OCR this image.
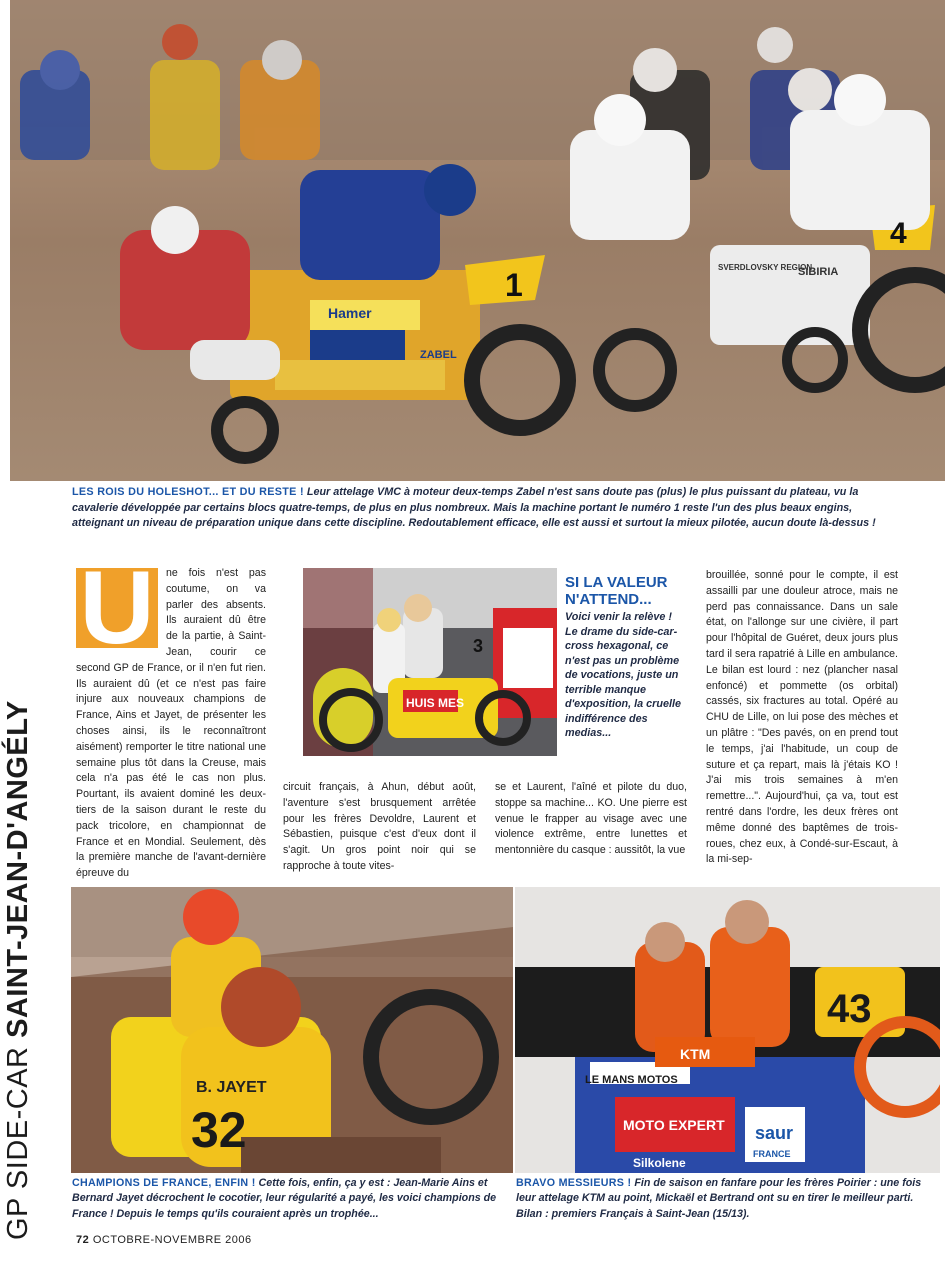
1
Hamer
ZABEL
4
SVERDLOVSKY REGION
SIBIRIA
LES ROIS DU HOLESHOT... ET DU RESTE ! Leur attelage VMC à moteur deux-temps Zabel n'est sans doute pas (plus) le plus puissant du plateau, vu la cavalerie développée par certains blocs quatre-temps, de plus en plus nombreux. Mais la machine portant le numéro 1 reste l'un des plus beaux engins, atteignant un niveau de préparation unique dans cette discipline. Redoutablement efficace, elle est aussi et surtout la mieux pilotée, aucun doute là-dessus !
GP SIDE-CAR SAINT-JEAN-D'ANGÉLY
U	ne fois n'est pas coutume, on va parler des absents. Ils auraient dû être de la partie, à Saint-Jean, courir ce second GP de France, or il n'en fut rien. Ils auraient dû (et ce n'est pas faire injure aux nouveaux champions de France, Ains et Jayet, de présenter les choses ainsi, ils le reconnaîtront aisément) remporter le titre national une semaine plus tôt dans la Creuse, mais cela n'a pas été le cas non plus. Pourtant, ils avaient dominé les deux-tiers de la saison durant le reste du pack tricolore, en championnat de France et en Mondial. Seulement, dès la première manche de l'avant-dernière épreuve du
HUIS MES
3
SI LA VALEUR N'ATTEND...
Voici venir la relève ! Le drame du side-car-cross hexagonal, ce n'est pas un problème de vocations, juste un terrible manque d'exposition, la cruelle indifférence des medias...
circuit français, à Ahun, début août, l'aventure s'est brusquement arrêtée pour les frères Devoldre, Laurent et Sébastien, puisque c'est d'eux dont il s'agit. Un gros point noir qui se rapproche à toute vites-
se et Laurent, l'aîné et pilote du duo, stoppe sa machine... KO. Une pierre est venue le frapper au visage avec une violence extrême, entre lunettes et mentonnière du casque : aussitôt, la vue
brouillée, sonné pour le compte, il est assailli par une douleur atroce, mais ne perd pas connaissance. Dans un sale état, on l'allonge sur une civière, il part pour l'hôpital de Guéret, deux jours plus tard il sera rapatrié à Lille en ambulance. Le bilan est lourd : nez (plancher nasal enfoncé) et pommette (os orbital) cassés, six fractures au total. Opéré au CHU de Lille, on lui pose des mèches et un plâtre : "Des pavés, on en prend tout le temps, j'ai l'habitude, un coup de suture et ça repart, mais là j'étais KO ! J'ai mis trois semaines à m'en remettre...". Aujourd'hui, ça va, tout est rentré dans l'ordre, les deux frères ont même donné des baptêmes de trois-roues, chez eux, à Condé-sur-Escaut, à la mi-sep-
B. JAYET
32
43
LE MANS MOTOS
KTM
MOTO EXPERT saur
FRANCE
Silkolene
CHAMPIONS DE FRANCE, ENFIN ! Cette fois, enfin, ça y est : Jean-Marie Ains et Bernard Jayet décrochent le cocotier, leur régularité a payé, les voici champions de France ! Depuis le temps qu'ils couraient après un trophée...
BRAVO MESSIEURS ! Fin de saison en fanfare pour les frères Poirier : une fois leur attelage KTM au point, Mickaël et Bertrand ont su en tirer le meilleur parti. Bilan : premiers Français à Saint-Jean (15/13).
72 OCTOBRE-NOVEMBRE 2006
